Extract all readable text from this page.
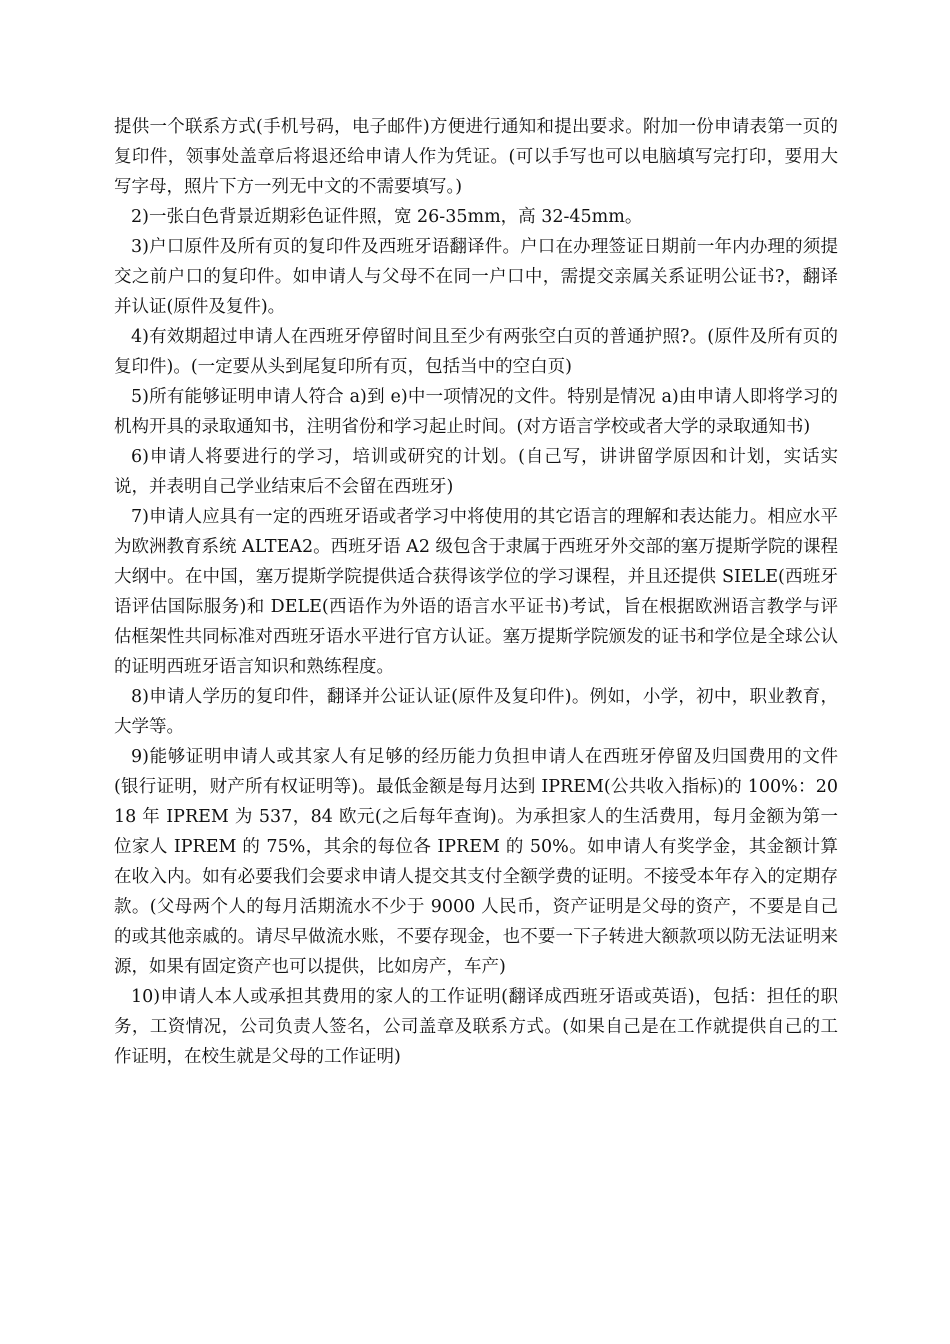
提供一个联系方式(手机号码，电子邮件)方便进行通知和提出要求。附加一份申请表第一页的复印件，领事处盖章后将退还给申请人作为凭证。(可以手写也可以电脑填写完打印，要用大写字母，照片下方一列无中文的不需要填写。)

2)一张白色背景近期彩色证件照，宽 26-35mm，高 32-45mm。

3)户口原件及所有页的复印件及西班牙语翻译件。户口在办理签证日期前一年内办理的须提交之前户口的复印件。如申请人与父母不在同一户口中，需提交亲属关系证明公证书?，翻译并认证(原件及复件)。

4)有效期超过申请人在西班牙停留时间且至少有两张空白页的普通护照?。(原件及所有页的复印件)。(一定要从头到尾复印所有页，包括当中的空白页)

5)所有能够证明申请人符合 a)到 e)中一项情况的文件。特别是情况 a)由申请人即将学习的机构开具的录取通知书，注明省份和学习起止时间。(对方语言学校或者大学的录取通知书)

6)申请人将要进行的学习，培训或研究的计划。(自己写，讲讲留学原因和计划，实话实说，并表明自己学业结束后不会留在西班牙)

7)申请人应具有一定的西班牙语或者学习中将使用的其它语言的理解和表达能力。相应水平为欧洲教育系统 ALTEA2。西班牙语 A2 级包含于隶属于西班牙外交部的塞万提斯学院的课程大纲中。在中国，塞万提斯学院提供适合获得该学位的学习课程，并且还提供 SIELE(西班牙语评估国际服务)和 DELE(西语作为外语的语言水平证书)考试，旨在根据欧洲语言教学与评估框架性共同标准对西班牙语水平进行官方认证。塞万提斯学院颁发的证书和学位是全球公认的证明西班牙语言知识和熟练程度。

8)申请人学历的复印件，翻译并公证认证(原件及复印件)。例如，小学，初中，职业教育，大学等。

9)能够证明申请人或其家人有足够的经历能力负担申请人在西班牙停留及归国费用的文件(银行证明，财产所有权证明等)。最低金额是每月达到 IPREM(公共收入指标)的 100%：2018 年 IPREM 为 537，84 欧元(之后每年查询)。为承担家人的生活费用，每月金额为第一位家人 IPREM 的 75%，其余的每位各 IPREM 的 50%。如申请人有奖学金，其金额计算在收入内。如有必要我们会要求申请人提交其支付全额学费的证明。不接受本年存入的定期存款。(父母两个人的每月活期流水不少于 9000 人民币，资产证明是父母的资产，不要是自己的或其他亲戚的。请尽早做流水账，不要存现金，也不要一下子转进大额款项以防无法证明来源，如果有固定资产也可以提供，比如房产，车产)

10)申请人本人或承担其费用的家人的工作证明(翻译成西班牙语或英语)，包括：担任的职务，工资情况，公司负责人签名，公司盖章及联系方式。(如果自己是在工作就提供自己的工作证明，在校生就是父母的工作证明)
